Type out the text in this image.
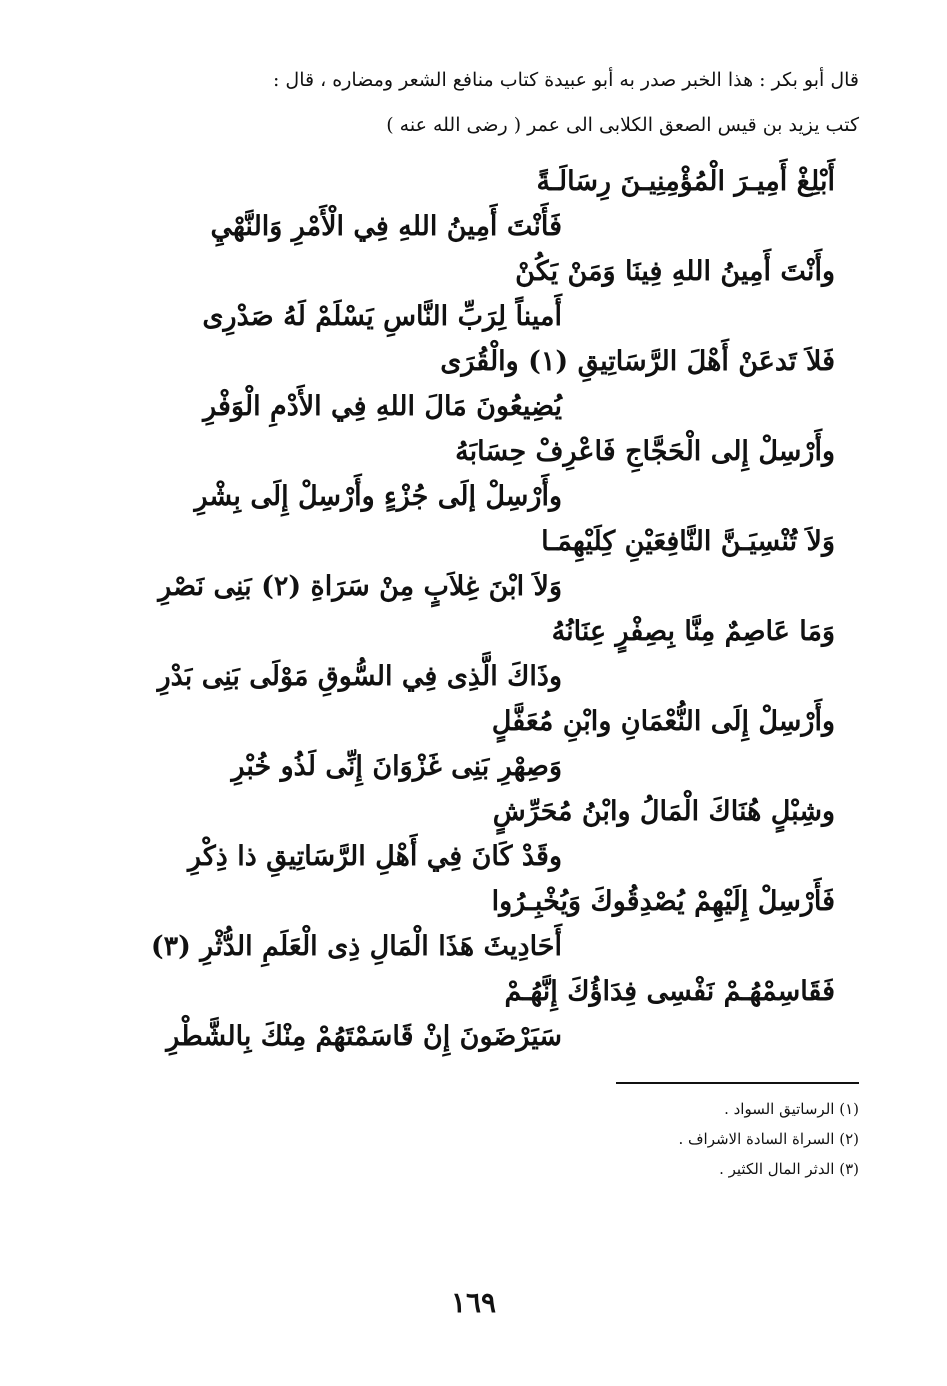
قال أبو بكر : هذا الخبر صدر به أبو عبيدة كتاب منافع الشعر ومضاره ، قال :
كتب يزيد بن قيس الصعق الكلابى الى عمر ( رضى الله عنه )
أَبْلِغْ أَمِيـرَ الْمُؤْمِنِيـنَ رِسَالَـةً
فَأَنْتَ أَمِينُ اللهِ فِي الْأَمْرِ وَالنَّهْيِ
وأَنْتَ أَمِينُ اللهِ فِينَا وَمَنْ يَكُنْ
أَميناً لِرَبِّ النَّاسِ يَسْلَمْ لَهُ صَدْرِى
فَلاَ تَدعَنْ أَهْلَ الرَّسَاتِيقِ (١) والْقُرَى
يُضِيعُونَ مَالَ اللهِ فِي الأَدْمِ الْوَفْرِ
وأَرْسِلْ إِلى الْحَجَّاجِ فَاعْرِفْ حِسَابَهُ
وأَرْسِلْ إلَى جُزْءٍ وأَرْسِلْ إِلَى بِشْرِ
وَلاَ تُنْسِيَـنَّ النَّافِعَيْنِ كِلَيْهِمَـا
وَلاَ ابْنَ غِلاَبٍ مِنْ سَرَاةِ (٢) بَنِى نَصْرِ
وَمَا عَاصِمٌ مِنَّا بِصِفْرٍ عِنَانُهُ
وذَاكَ الَّذِى فِي السُّوقِ مَوْلَى بَنِى بَدْرِ
وأَرْسِلْ إِلَى النُّعْمَانِ وابْنِ مُعَفَّلٍ
وَصِهْرِ بَنِى غَزْوَانَ إِنِّى لَذُو خُبْرِ
وشِبْلٍ هُنَاكَ الْمَالُ وابْنُ مُحَرِّشٍ
وقَدْ كَانَ فِي أَهْلِ الرَّسَاتِيقِ ذا ذِكْرِ
فَأَرْسِلْ إِلَيْهِمْ يُصْدِقُوكَ وَيُخْبِـرُوا
أَحَادِيثَ هَذَا الْمَالِ ذِى الْعَلَمِ الدُّثْرِ (٣)
فَقَاسِمْهُـمْ نَفْسِى فِدَاؤُكَ إِنَّهُـمْ
سَيَرْضَونَ إِنْ قَاسَمْتَهُمْ مِنْكَ بِالشَّطْرِ
(١) الرساتيق السواد .
(٢) السراة السادة الاشراف .
(٣) الدثر المال الكثير .
١٦٩
